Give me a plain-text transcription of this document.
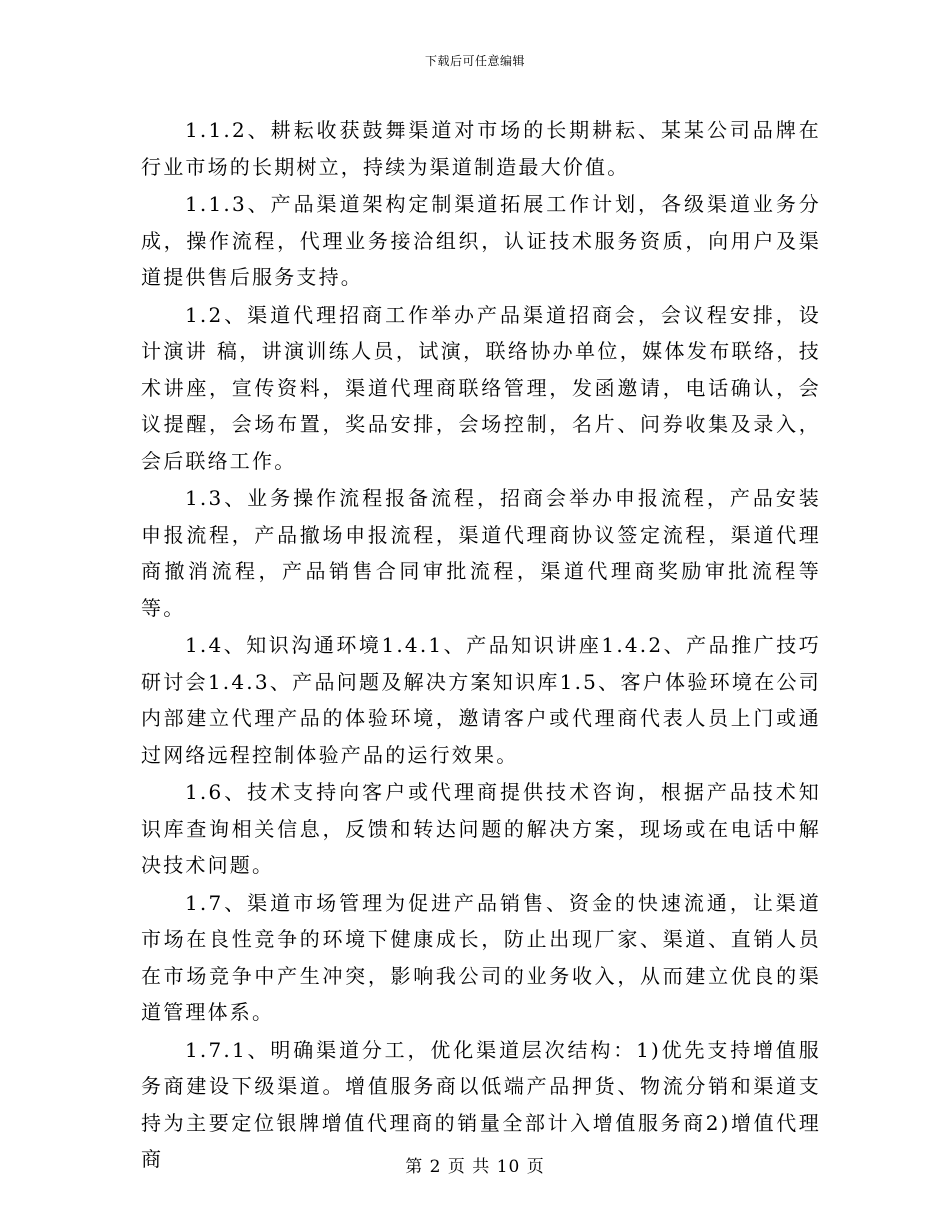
下载后可任意编辑

1.1.2、耕耘收获鼓舞渠道对市场的长期耕耘、某某公司品牌在行业市场的长期树立，持续为渠道制造最大价值。

1.1.3、产品渠道架构定制渠道拓展工作计划，各级渠道业务分成，操作流程，代理业务接洽组织，认证技术服务资质，向用户及渠道提供售后服务支持。

1.2、渠道代理招商工作举办产品渠道招商会，会议程安排，设计演讲 稿，讲演训练人员，试演，联络协办单位，媒体发布联络，技术讲座，宣传资料，渠道代理商联络管理，发函邀请，电话确认，会议提醒，会场布置，奖品安排，会场控制，名片、问券收集及录入，会后联络工作。

1.3、业务操作流程报备流程，招商会举办申报流程，产品安装申报流程，产品撤场申报流程，渠道代理商协议签定流程，渠道代理商撤消流程，产品销售合同审批流程，渠道代理商奖励审批流程等等。

1.4、知识沟通环境1.4.1、产品知识讲座1.4.2、产品推广技巧研讨会1.4.3、产品问题及解决方案知识库1.5、客户体验环境在公司内部建立代理产品的体验环境，邀请客户或代理商代表人员上门或通过网络远程控制体验产品的运行效果。

1.6、技术支持向客户或代理商提供技术咨询，根据产品技术知识库查询相关信息，反馈和转达问题的解决方案，现场或在电话中解决技术问题。

1.7、渠道市场管理为促进产品销售、资金的快速流通，让渠道市场在良性竞争的环境下健康成长，防止出现厂家、渠道、直销人员在市场竞争中产生冲突，影响我公司的业务收入，从而建立优良的渠道管理体系。

1.7.1、明确渠道分工，优化渠道层次结构：1)优先支持增值服务商建设下级渠道。增值服务商以低端产品押货、物流分销和渠道支持为主要定位银牌增值代理商的销量全部计入增值服务商2)增值代理商	第 2 页 共 10 页
